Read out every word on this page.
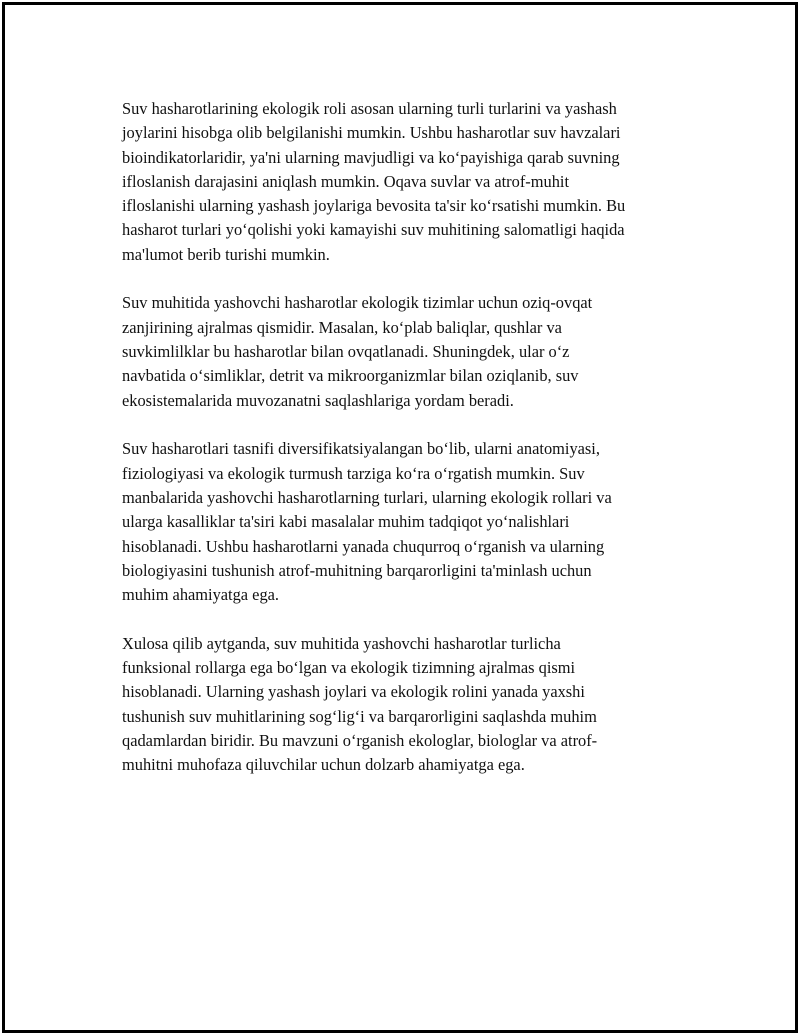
Suv hasharotlarining ekologik roli asosan ularning turli turlarini va yashash
joylarini hisobga olib belgilanishi mumkin. Ushbu hasharotlar suv havzalari
bioindikatorlaridir, ya'ni ularning mavjudligi va koʻpayishiga qarab suvning
ifloslanish darajasini aniqlash mumkin. Oqava suvlar va atrof-muhit
ifloslanishi ularning yashash joylariga bevosita ta'sir koʻrsatishi mumkin. Bu
hasharot turlari yoʻqolishi yoki kamayishi suv muhitining salomatligi haqida
ma'lumot berib turishi mumkin.

Suv muhitida yashovchi hasharotlar ekologik tizimlar uchun oziq-ovqat
zanjirining ajralmas qismidir. Masalan, koʻplab baliqlar, qushlar va
suvkimlilklar bu hasharotlar bilan ovqatlanadi. Shuningdek, ular oʻz
navbatida oʻsimliklar, detrit va mikroorganizmlar bilan oziqlanib, suv
ekosistemalarida muvozanatni saqlashlariga yordam beradi.

Suv hasharotlari tasnifi diversifikatsiyalangan boʻlib, ularni anatomiyasi,
fiziologiyasi va ekologik turmush tarziga koʻra oʻrgatish mumkin. Suv
manbalarida yashovchi hasharotlarning turlari, ularning ekologik rollari va
ularga kasalliklar ta'siri kabi masalalar muhim tadqiqot yoʻnalishlari
hisoblanadi. Ushbu hasharotlarni yanada chuqurroq oʻrganish va ularning
biologiyasini tushunish atrof-muhitning barqarorligini ta'minlash uchun
muhim ahamiyatga ega.

Xulosa qilib aytganda, suv muhitida yashovchi hasharotlar turlicha
funksional rollarga ega boʻlgan va ekologik tizimning ajralmas qismi
hisoblanadi. Ularning yashash joylari va ekologik rolini yanada yaxshi
tushunish suv muhitlarining sogʻligʻi va barqarorligini saqlashda muhim
qadamlardan biridir. Bu mavzuni oʻrganish ekologlar, biologlar va atrof-
muhitni muhofaza qiluvchilar uchun dolzarb ahamiyatga ega.
